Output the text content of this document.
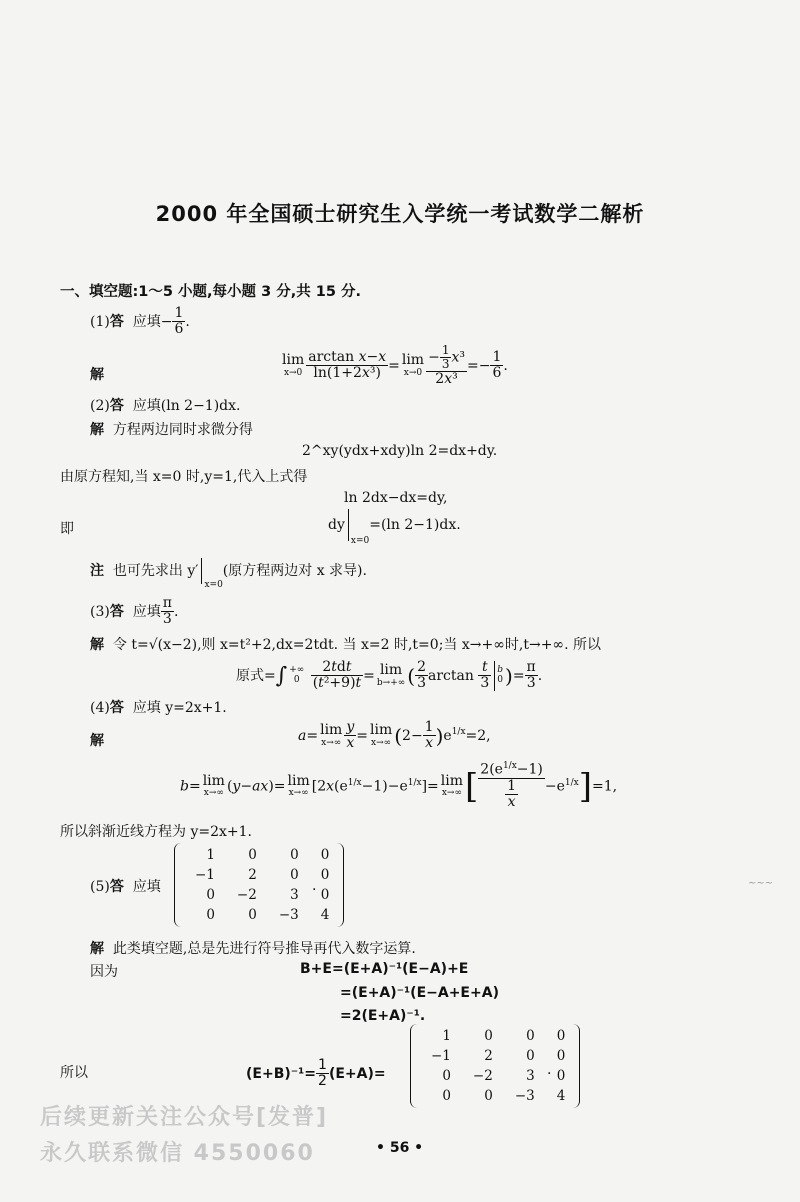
2000 年全国硕士研究生入学统一考试数学二解析
一、填空题:1～5 小题,每小题 3 分,共 15 分.
(1)答 应填− $\frac{1}{6}$ .
解
lim
$x\to 0 \frac{\text{arctan x−x}}{\text{ln(1+2x³)}} = \lim$
$x\to 0 \frac{- \frac{1}{3} x^3}{\text{2x³}} =- \frac{1}{6}$ .
(2)答 应填(ln 2−1)dx.
解 方程两边同时求微分得
2^xy(ydx+xdy)ln 2=dx+dy.
由原方程知,当 x=0 时,y=1,代入上式得
ln 2dx−dx=dy,
即	$dy_{x=0}=(\ln$ 2−1)dx.
注 也可先求出 $y'_{x=0}$(原方程两边对 x 求导).
(3)答 应填 $\frac{\pi}{3}$ .
解 令 t=√(x−2),则 x=t²+2,dx=2tdt. 当 x=2 时,t=0;当 x→+∞时,t→+∞. 所以
原式=∫ +∞
0
$\frac{\text{2tdt}}{\text{(t²+9)t}} = \lim$
b→+∞ ( $\frac{2}{3}$ $\arctan \frac{t}{3}$ b
0 )= $\frac{\pi}{3}$ .
(4)答 应填 y=2x+1.
解	a= lim
$x\to\infty \frac{y}{x} = \lim$
x→∞ $(2- \frac{1}{x} )e^{1/x}=2$,
b= lim
x→∞ (y−ax)= lim
x→∞ $[2x(e^{1/x}-1)-e^{1/x}]= \lim$
x→∞ [ $\frac{2(e^{1/x}-1)}{\frac{1}{x}} -e^{1/x}]=1$,
所以斜渐近线方程为 y=2x+1.
(5)答 应填
1	0	0	0
−1	2	0	0
0	−2	3	0
0	0	−3	4
.	~~~
解 此类填空题,总是先进行符号推导再代入数字运算.
因为	B+E=(E+A)⁻¹(E−A)+E
=(E+A)⁻¹(E−A+E+A)
=2(E+A)⁻¹.
所以	$(E+B)^{-1}= \frac{1}{2} (E+A)=$
1	0	0	0
−1	2	0	0
0	−2	3	0
0	0	−3	4
.
后续更新关注公众号[发普]
永久联系微信 4550060	• 56 •
